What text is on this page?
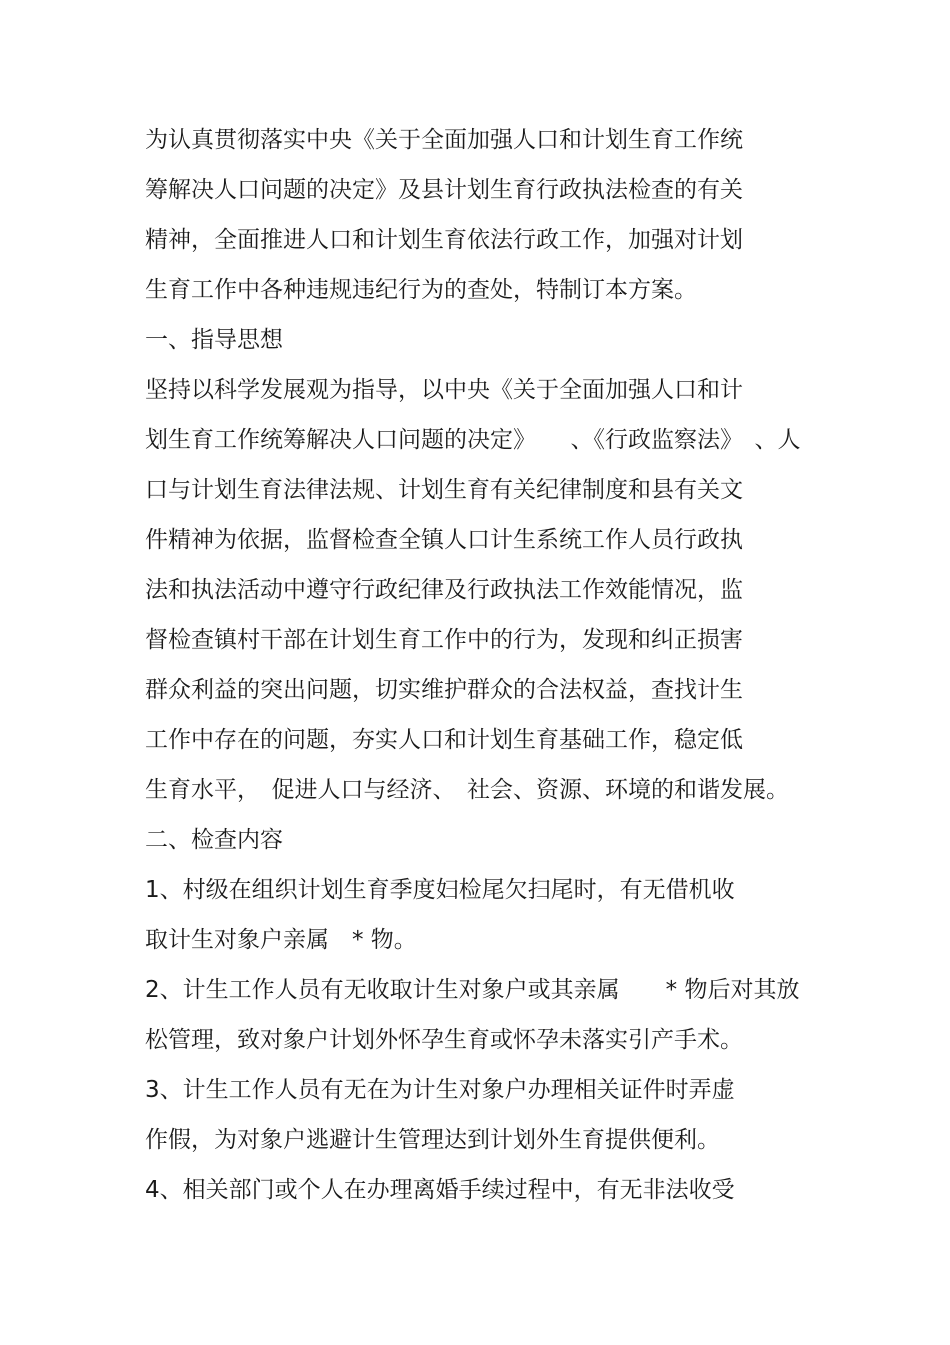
为认真贯彻落实中央《关于全面加强人口和计划生育工作统
筹解决人口问题的决定》及县计划生育行政执法检查的有关
精神，全面推进人口和计划生育依法行政工作，加强对计划
生育工作中各种违规违纪行为的查处，特制订本方案。
一、指导思想
坚持以科学发展观为指导，以中央《关于全面加强人口和计
划生育工作统筹解决人口问题的决定》　　、《行政监察法》　、人
口与计划生育法律法规、计划生育有关纪律制度和县有关文
件精神为依据，监督检查全镇人口计生系统工作人员行政执
法和执法活动中遵守行政纪律及行政执法工作效能情况，监
督检查镇村干部在计划生育工作中的行为，发现和纠正损害
群众利益的突出问题，切实维护群众的合法权益，查找计生
工作中存在的问题，夯实人口和计划生育基础工作，稳定低
生育水平，　促进人口与经济、　社会、资源、环境的和谐发展。
二、检查内容
1、村级在组织计划生育季度妇检尾欠扫尾时，有无借机收
取计生对象户亲属　* 物。
2、计生工作人员有无收取计生对象户或其亲属　　* 物后对其放
松管理，致对象户计划外怀孕生育或怀孕未落实引产手术。
3、计生工作人员有无在为计生对象户办理相关证件时弄虚
作假，为对象户逃避计生管理达到计划外生育提供便利。
4、相关部门或个人在办理离婚手续过程中，有无非法收受
